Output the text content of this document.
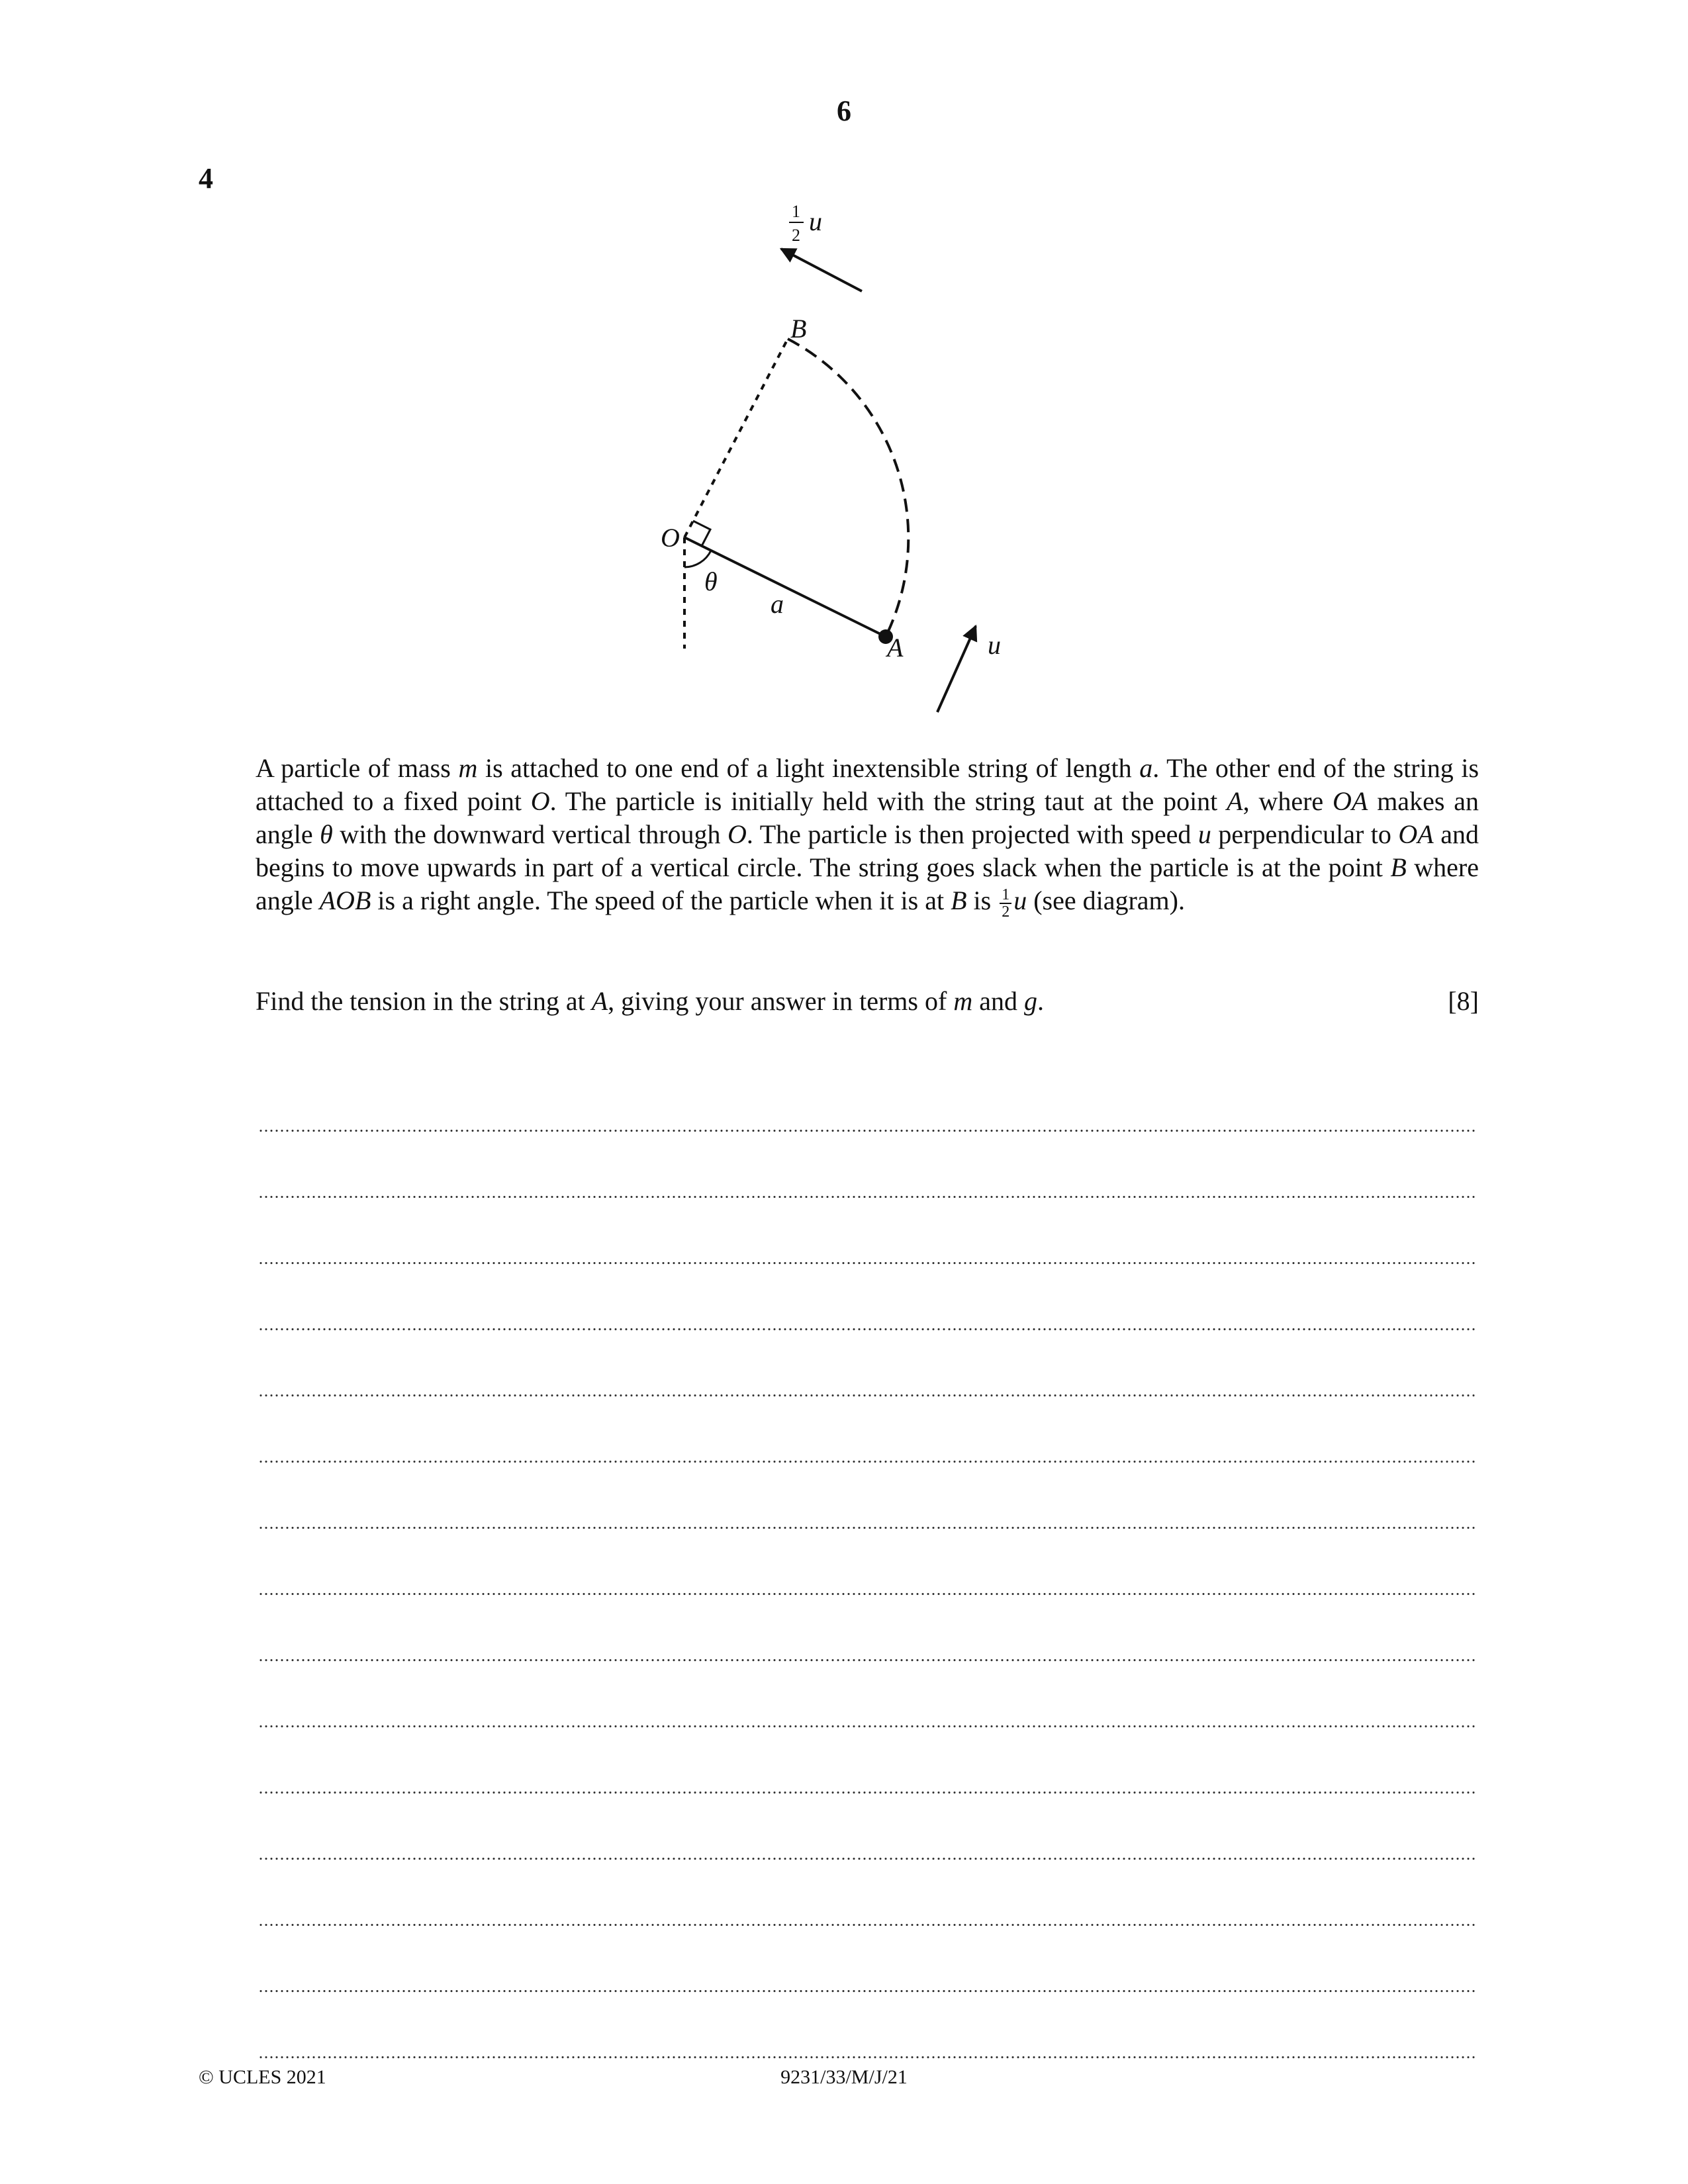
6
4
O
θ
a
A
B
u
u
1
2

A particle of mass m is attached to one end of a light inextensible string of length a. The other end of the string is attached to a fixed point O. The particle is initially held with the string taut at the point A, where OA makes an angle θ with the downward vertical through O. The particle is then projected with speed u perpendicular to OA and begins to move upwards in part of a vertical circle. The string goes slack when the particle is at the point B where angle AOB is a right angle. The speed of the particle when it is at B is $\frac{1}{2}$ u (see diagram).

Find the tension in the string at A, giving your answer in terms of m and g.	[8]
© UCLES 2021	9231/33/M/J/21
